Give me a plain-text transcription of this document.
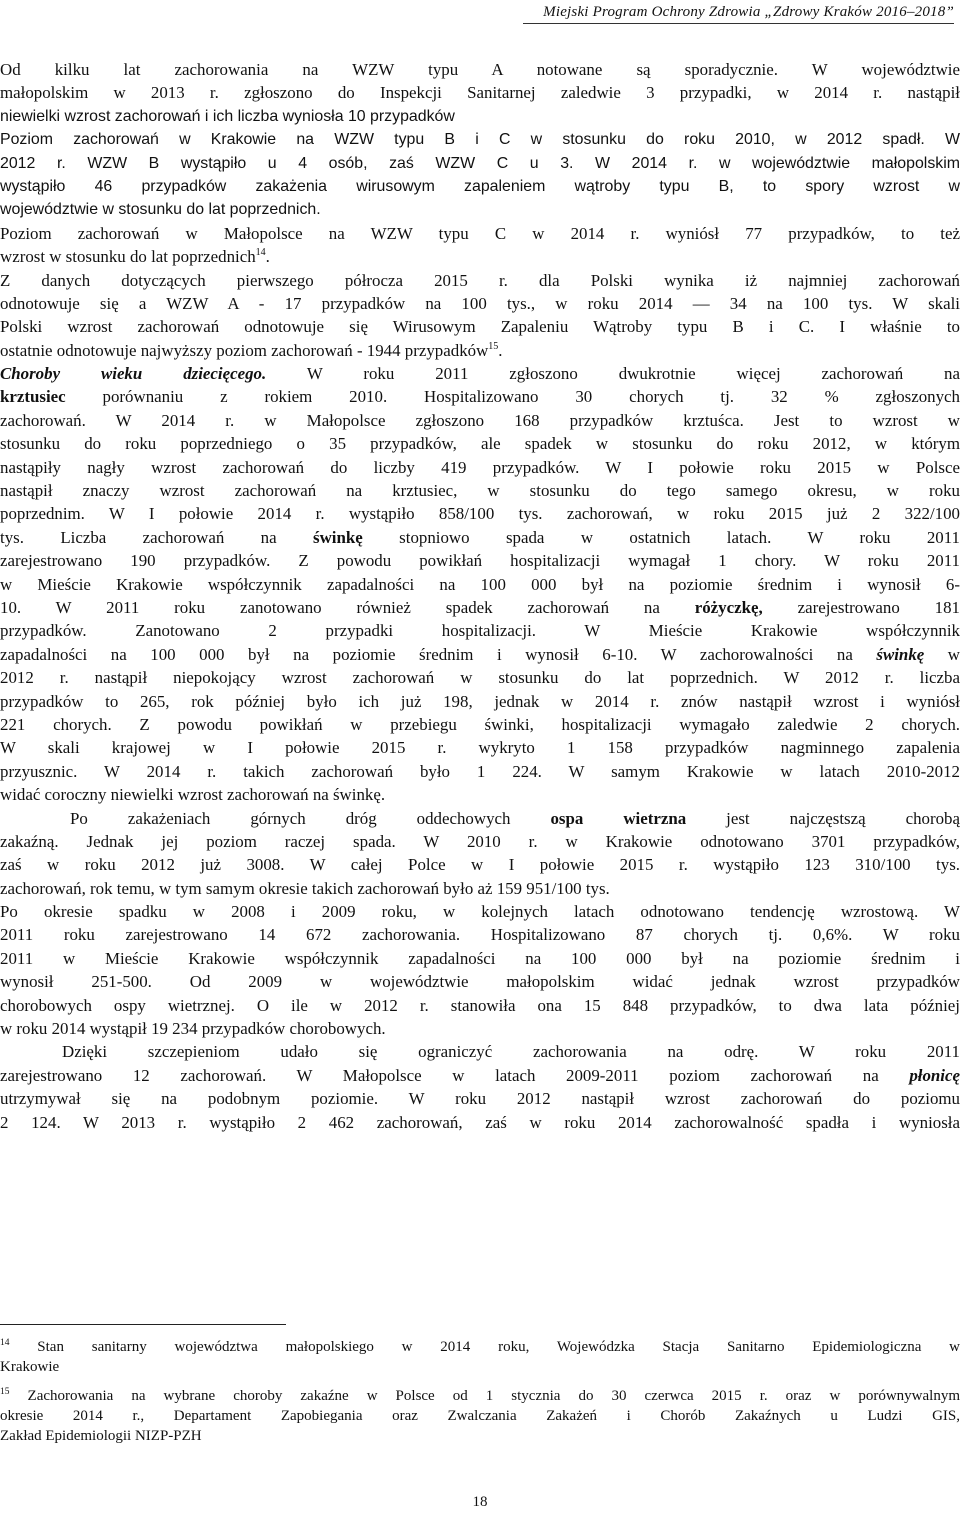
Miejski Program Ochrony Zdrowia „Zdrowy Kraków 2016–2018”
Od kilku lat zachorowania na WZW typu A notowane są sporadycznie. W województwie
małopolskim w 2013 r. zgłoszono do Inspekcji Sanitarnej zaledwie 3 przypadki, w 2014 r. nastąpił
niewielki wzrost zachorowań i ich liczba wyniosła 10 przypadków
Poziom zachorowań w Krakowie na WZW typu B i C w stosunku do roku 2010, w 2012 spadł. W
2012 r. WZW B wystąpiło u 4 osób, zaś WZW C u 3. W 2014 r. w województwie małopolskim
wystąpiło 46 przypadków zakażenia wirusowym zapaleniem wątroby typu B, to spory wzrost w
województwie w stosunku do lat poprzednich.
Poziom zachorowań w Małopolsce na WZW typu C w 2014 r. wyniósł 77 przypadków, to też
wzrost w stosunku do lat poprzednich$^{14}$.
Z danych dotyczących pierwszego półrocza 2015 r. dla Polski wynika iż najmniej zachorowań
odnotowuje się a WZW A - 17 przypadków na 100 tys., w roku 2014 — 34 na 100 tys. W skali
Polski wzrost zachorowań odnotowuje się Wirusowym Zapaleniu Wątroby typu B i C. I właśnie to
ostatnie odnotowuje najwyższy poziom zachorowań - 1944 przypadków$^{15}$.
Choroby wieku dziecięcego. W roku 2011 zgłoszono dwukrotnie więcej zachorowań na
krztusiec porównaniu z rokiem 2010. Hospitalizowano 30 chorych tj. 32 % zgłoszonych
zachorowań. W 2014 r. w Małopolsce zgłoszono 168 przypadków krztuśca. Jest to wzrost w
stosunku do roku poprzedniego o 35 przypadków, ale spadek w stosunku do roku 2012, w którym
nastąpiły nagły wzrost zachorowań do liczby 419 przypadków. W I połowie roku 2015 w Polsce
nastąpił znaczy wzrost zachorowań na krztusiec, w stosunku do tego samego okresu, w roku
poprzednim. W I połowie 2014 r. wystąpiło 858/100 tys. zachorowań, w roku 2015 już 2 322/100
tys. Liczba zachorowań na świnkę stopniowo spada w ostatnich latach. W roku 2011
zarejestrowano 190 przypadków. Z powodu powikłań hospitalizacji wymagał 1 chory. W roku 2011
w Mieście Krakowie współczynnik zapadalności na 100 000 był na poziomie średnim i wynosił 6-
10. W 2011 roku zanotowano również spadek zachorowań na różyczkę, zarejestrowano 181
przypadków. Zanotowano 2 przypadki hospitalizacji. W Mieście Krakowie współczynnik
zapadalności na 100 000 był na poziomie średnim i wynosił 6-10. W zachorowalności na świnkę w
2012 r. nastąpił niepokojący wzrost zachorowań w stosunku do lat poprzednich. W 2012 r. liczba
przypadków to 265, rok później było ich już 198, jednak w 2014 r. znów nastąpił wzrost i wyniósł
221 chorych. Z powodu powikłań w przebiegu świnki, hospitalizacji wymagało zaledwie 2 chorych.
W skali krajowej w I połowie 2015 r. wykryto 1 158 przypadków nagminnego zapalenia
przyusznic. W 2014 r. takich zachorowań było 1 224. W samym Krakowie w latach 2010-2012
widać coroczny niewielki wzrost zachorowań na świnkę.
Po zakażeniach górnych dróg oddechowych ospa wietrzna jest najczęstszą chorobą
zakaźną. Jednak jej poziom raczej spada. W 2010 r. w Krakowie odnotowano 3701 przypadków,
zaś w roku 2012 już 3008. W całej Polce w I połowie 2015 r. wystąpiło 123 310/100 tys.
zachorowań, rok temu, w tym samym okresie takich zachorowań było aż 159 951/100 tys.
Po okresie spadku w 2008 i 2009 roku, w kolejnych latach odnotowano tendencję wzrostową. W
2011 roku zarejestrowano 14 672 zachorowania. Hospitalizowano 87 chorych tj. 0,6%. W roku
2011 w Mieście Krakowie współczynnik zapadalności na 100 000 był na poziomie średnim i
wynosił 251-500. Od 2009 w województwie małopolskim widać jednak wzrost przypadków
chorobowych ospy wietrznej. O ile w 2012 r. stanowiła ona 15 848 przypadków, to dwa lata później
w roku 2014 wystąpił 19 234 przypadków chorobowych.
Dzięki szczepieniom udało się ograniczyć zachorowania na odrę. W roku 2011
zarejestrowano 12 zachorowań. W Małopolsce w latach 2009-2011 poziom zachorowań na płonicę
utrzymywał się na podobnym poziomie. W roku 2012 nastąpił wzrost zachorowań do poziomu
2 124. W 2013 r. wystąpiło 2 462 zachorowań, zaś w roku 2014 zachorowalność spadła i wyniosła
$^{14}$ Stan sanitarny województwa małopolskiego w 2014 roku, Wojewódzka Stacja Sanitarno Epidemiologiczna w
Krakowie
$^{15}$ Zachorowania na wybrane choroby zakaźne w Polsce od 1 stycznia do 30 czerwca 2015 r. oraz w porównywalnym
okresie 2014 r., Departament Zapobiegania oraz Zwalczania Zakażeń i Chorób Zakaźnych u Ludzi GIS,
Zakład Epidemiologii NIZP-PZH
18
